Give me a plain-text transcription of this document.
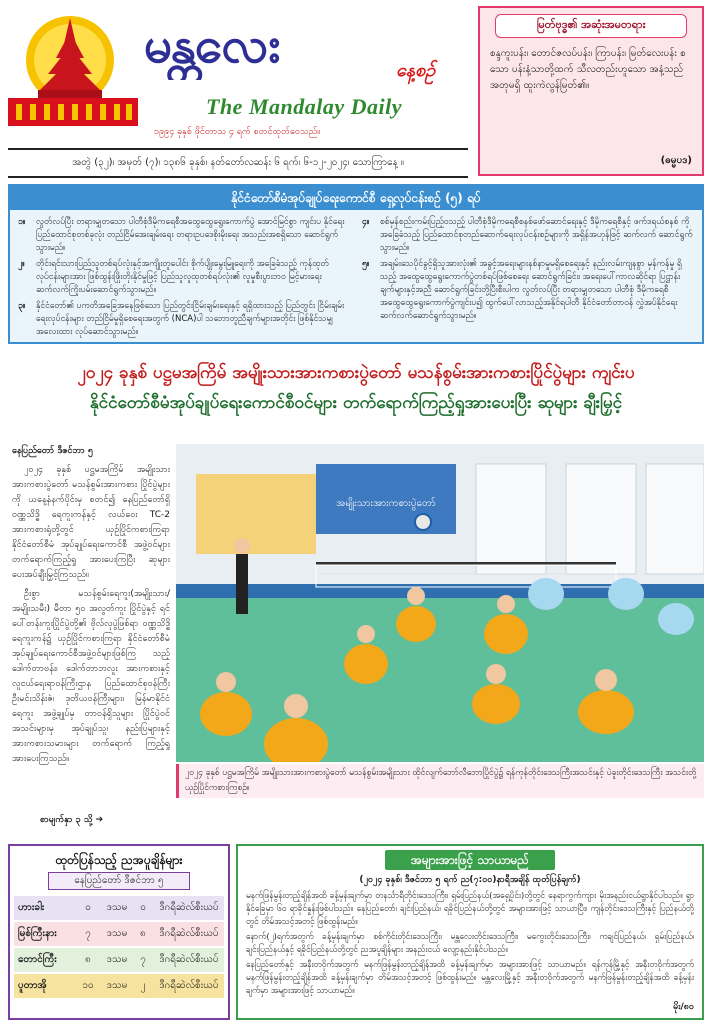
မန္တလေး	နေ့စဉ်
The Mandalay Daily
၁၉၉၄ ခုနှစ် ဖိုင်တာသ ၄ ရက် စတင်ထုတ်ဝေသည်။
အတွဲ (၃၂)၊ အမှတ် (၇)၊ ၁၃၈၆ ခုနှစ်၊ နတ်တော်လဆန်း ၆ ရက်၊ ၆-၁၂-၂၀၂၄၊ သောကြာနေ့ ။
မြတ်ဗုဒ္ဓ၏ အဆုံးအမတရား
စန္ဒကူးပန်း၊ တောင်ဇလပ်ပန်း၊ ကြာပန်း၊ မြတ်လေးပန်း စသော ပန်းနံ့သာတို့ထက် သီလတည်းဟူသော အနံ့သည် အတုမရှိ ထူးကဲလွန်မြတ်၏။
(ဓမ္မပဒ)
နိုင်ငံတော်စီမံအုပ်ချုပ်ရေးကောင်စီ ရှေ့လုပ်ငန်းစဉ် (၅) ရပ်
၁။	လွတ်လပ်ပြီး တရားမျှတသော ပါတီစုံဒီမိုကရေစီအထွေထွေရွေးကောက်ပွဲ အောင်မြင်စွာ ကျင်းပ နိုင်ရေး ပြည်ထောင်စုတစ်ခုလုံး တည်ငြိမ်အေးချမ်းရေး တရားဥပဒေစိုးမိုးရေး အသည်းအစရှိသော ဆောင်ရွက်သွားမည်။
၂။	တိုင်းရင်းသားပြည်သူတစ်ရပ်လုံးနှင့်အကျိုးတူပေါင်း စိုက်ပျိုးမွေးမြူရေးကို အခြေခံသည့် ကုန်ထုတ် လုပ်ငန်းများအား ဖြစ်ထွန်းဖြိုးတိုးနိုင်မှုဖြင့် ပြည်သူလူထုတစ်ရပ်လုံး၏ လူမှုစီးပွားဘဝ မြင့်မားရေး ဆက်လက်ကြိုးပမ်းဆောင်ရွက်သွားမည်။
၃။	နိုင်ငံတော်၏ ပကတိအခြေအနေဖြစ်သော ပြည်တွင်းငြိမ်းချမ်းရေးနှင့် ရရှိထားသည့် ပြည်တွင်း ငြိမ်းချမ်းရေးလုပ်ငန်းများ တည်ငြိမ်မှုရှိစေရေးအတွက် (NCA)ပါ သဘောတူညီချက်များအတိုင်း ဖြစ်နိုင်သမျှ အလေးထား လုပ်ဆောင်သွားမည်။
၄။	စစ်မှန်စည်းကမ်းပြည့်ဝသည့် ပါတီစုံဒီမိုကရေစီစနစ်ဖော်ဆောင်ရေးနှင့် ဒီမိုကရေစီနှင့် ဖက်ဒရယ်စနစ် ကို အခြေခံသည့် ပြည်ထောင်စုတည်ဆောက်ရေးလုပ်ငန်းစဉ်များကို အရှိန်အဟုန်ဖြင့် ဆက်လက် ဆောင်ရွက်သွားမည်။
၅။	အချမ်းသေပိုင်ခွင့်ရှိသူအားလုံး၏ အခွင့်အရေးများနစ်နာမှုမရှိစေရေးနှင့် နည်းလမ်းကျနစွာ မှန်ကန်မှု ရှိသည့် အထွေထွေရွေးကောက်ပွဲတစ်ရပ်ဖြစ်စေရေး ဆောင်ရွက်ခြင်း၊ အရေးပေါ်ကာလဆိုင်ရာ ပြဋ္ဌာန်းချက်များနှင့်အညီ ဆောင်ရွက်ခြင်းတို့ပြီးစီးပါက လွတ်လပ်ပြီး တရားမျှတသော ပါတီစုံ ဒီမိုကရေစီ အထွေထွေရွေးကောက်ပွဲကျင်းပ၍ ထွက်ပေါ်လာသည့်အနိုင်ရပါတီ နိုင်ငံတော်တာဝန် လွှဲအပ်နိုင်ရေး ဆက်လက်ဆောင်ရွက်သွားမည်။
၂၀၂၄ ခုနှစ် ပဋ္ဌမအကြိမ် အမျိုးသားအားကစားပွဲတော် မသန်စွမ်းအားကစားပြိုင်ပွဲများ ကျင်းပ
နိုင်ငံတော်စီမံအုပ်ချုပ်ရေးကောင်စီဝင်များ တက်ရောက်ကြည့်ရှုအားပေးပြီး ဆုများ ချီးမြှင့်

နေပြည်တော် ဒီဇင်ဘာ ၅

၂၀၂၄ ခုနှစ် ပဋ္ဌမအကြိမ် အမျိုးသား အားကစားပွဲတော် မသန်စွမ်းအားကစား ပြိုင်ပွဲများကို ယနေ့နံနက်ပိုင်းမှ စတင်၍ နေပြည်တော်ရှိ ဝဏ္ဏသိဒ္ဓိ ရေကူးကန်နှင့် လယ်ဝေး TC-2 အားကစားရုံတို့တွင် ယှဉ်ပြိုင်ကစားကြရာ နိုင်ငံတော်စီမံ အုပ်ချုပ်ရေးကောင်စီ အဖွဲ့ဝင်များ တက်ရောက်ကြည့်ရှု အားပေးကြပြီး ဆုများ ပေးအပ်ချီးမြှင့်ကြသည်။

ဦးစွာ မသန်စွမ်းရေကူး(အမျိုးသား/ အမျိုးသမီး) မီတာ ၅၀ အလွတ်ကူး ပြိုင်ပွဲနှင့် ရင်ပေါ်တန်းကူးပြိုင်ပွဲတို့၏ ဗိုလ်လုပွဲဖြစ်ရာ ဝဏ္ဏသိဒ္ဓိရေကူးကန်၌ ယှဉ်ပြိုင်ကစားကြရာ နိုင်ငံတော်စီမံ အုပ်ချုပ်ရေးကောင်စီအဖွဲ့ဝင်များဖြစ်ကြ သည့် ဒေါက်တာဗန်း၊ ဒေါက်တာဘလူး အားကစားနှင့်လူငယ်ရေးရာဝန်ကြီးဌာန ပြည်ထောင်စုဝန်ကြီး ဦးမင်းသိန်းဇံ၊ ဒုတိယဝန်ကြီးများ၊ မြန်မာနိုင်ငံ ရေကူး အဖွဲ့ချုပ်မှ တာဝန်ရှိသူများ ပြိုင်ပွဲဝင် အသင်းများမှ အုပ်ချုပ်သူ၊ နည်းပြများနှင့် အားကစားသမားများ တက်ရောက် ကြည့်ရှုအားပေးကြသည်။

စာမျက်နှာ ၃ သို့ ➔
အမျိုးသားအားကစားပွဲတော်
၂၀၂၄ ခုနှစ် ပဋ္ဌမအကြိမ် အမျိုးသားအားကစားပွဲတော် မသန်စွမ်းအမျိုးသား ထိုင်လျက်ဘော်လီဘောပြိုင်ပွဲ၌ ရန်ကုန်တိုင်းဒေသကြီးအသင်းနှင့် ပဲခူးတိုင်းဒေသကြီး အသင်းတို့ ယှဉ်ပြိုင်ကစားကြစဉ်။
ထုတ်ပြန်သည့် ညအပူချိန်များ
နေပြည်တော် ဒီဇင်ဘာ ၅
ဟားခါး	၀	ဒသမ	၀	ဒီဂရီဆဲလ်စီးယပ်
မြစ်ကြီးနား	၇	ဒသမ	၈	ဒီဂရီဆဲလ်စီးယပ်
တောင်ကြီး	၈	ဒသမ	၇	ဒီဂရီဆဲလ်စီးယပ်
ပူတာအို	၁၀	ဒသမ	၂	ဒီဂရီဆဲလ်စီးယပ်
အများအားဖြင့် သာယာမည်
(၂၀၂၄ ခုနှစ်၊ ဒီဇင်ဘာ ၅ ရက် ည(၇:၀၀)နာရီအချိန် ထုတ်ပြန်ချက်)

မနက်ဖြန်မွန်းတည့်ချိန်အထိ ခန့်မှန်းချက်မှာ တနင်္သာရီတိုင်းဒေသကြီး၊ ရှမ်းပြည်နယ်(အရှေ့ပိုင်း)တို့တွင် နေရာကွက်ကျား မိုးအနည်းငယ်ရွာနိုင်ပါသည်။ ရွာနိုင်ခြေမှာ ၆၀ ရာခိုင်နှုန်းဖြစ်ပါသည်။ နေပြည်တော်၊ ချင်းပြည်နယ်၊ ရခိုင်ပြည်နယ်တို့တွင် အများအားဖြင့် သာယာပြီး၊ ကျန်တိုင်းဒေသကြီးနှင့် ပြည်နယ်တို့တွင် တိမ်အသင့်အတင့် ဖြစ်ထွန်းမည်။

နောက်(၂)ရက်အတွက် ခန့်မှန်းချက်မှာ စစ်ကိုင်းတိုင်းဒေသကြီး၊ မန္တလေးတိုင်းဒေသကြီး၊ မကွေးတိုင်းဒေသကြီး၊ ကချင်ပြည်နယ်၊ ရှမ်းပြည်နယ်၊ ချင်းပြည်နယ်နှင့် ရခိုင်ပြည်နယ်တို့တွင် ညအပူချိန်များ အနည်းငယ် လျော့နည်းနိုင်ပါသည်။

နေပြည်တော်နှင့် အနီးတဝိုက်အတွက် မနက်ဖြန်မွန်းတည့်ချိန်အထိ ခန့်မှန်းချက်မှာ အများအားဖြင့် သာယာမည်။ ရန်ကုန်မြို့နှင့် အနီးတဝိုက်အတွက် မနက်ဖြန်မွန်းတည့်ချိန်အထိ ခန့်မှန်းချက်မှာ တိမ်အသင့်အတင့် ဖြစ်ထွန်းမည်။ မန္တလေးမြို့နှင့် အနီးတဝိုက်အတွက် မနက်ဖြန်မွန်းတည့်ချိန်အထိ ခန့်မှန်းချက်မှာ အများအားဖြင့် သာယာမည်။

မိုး/၈၀
